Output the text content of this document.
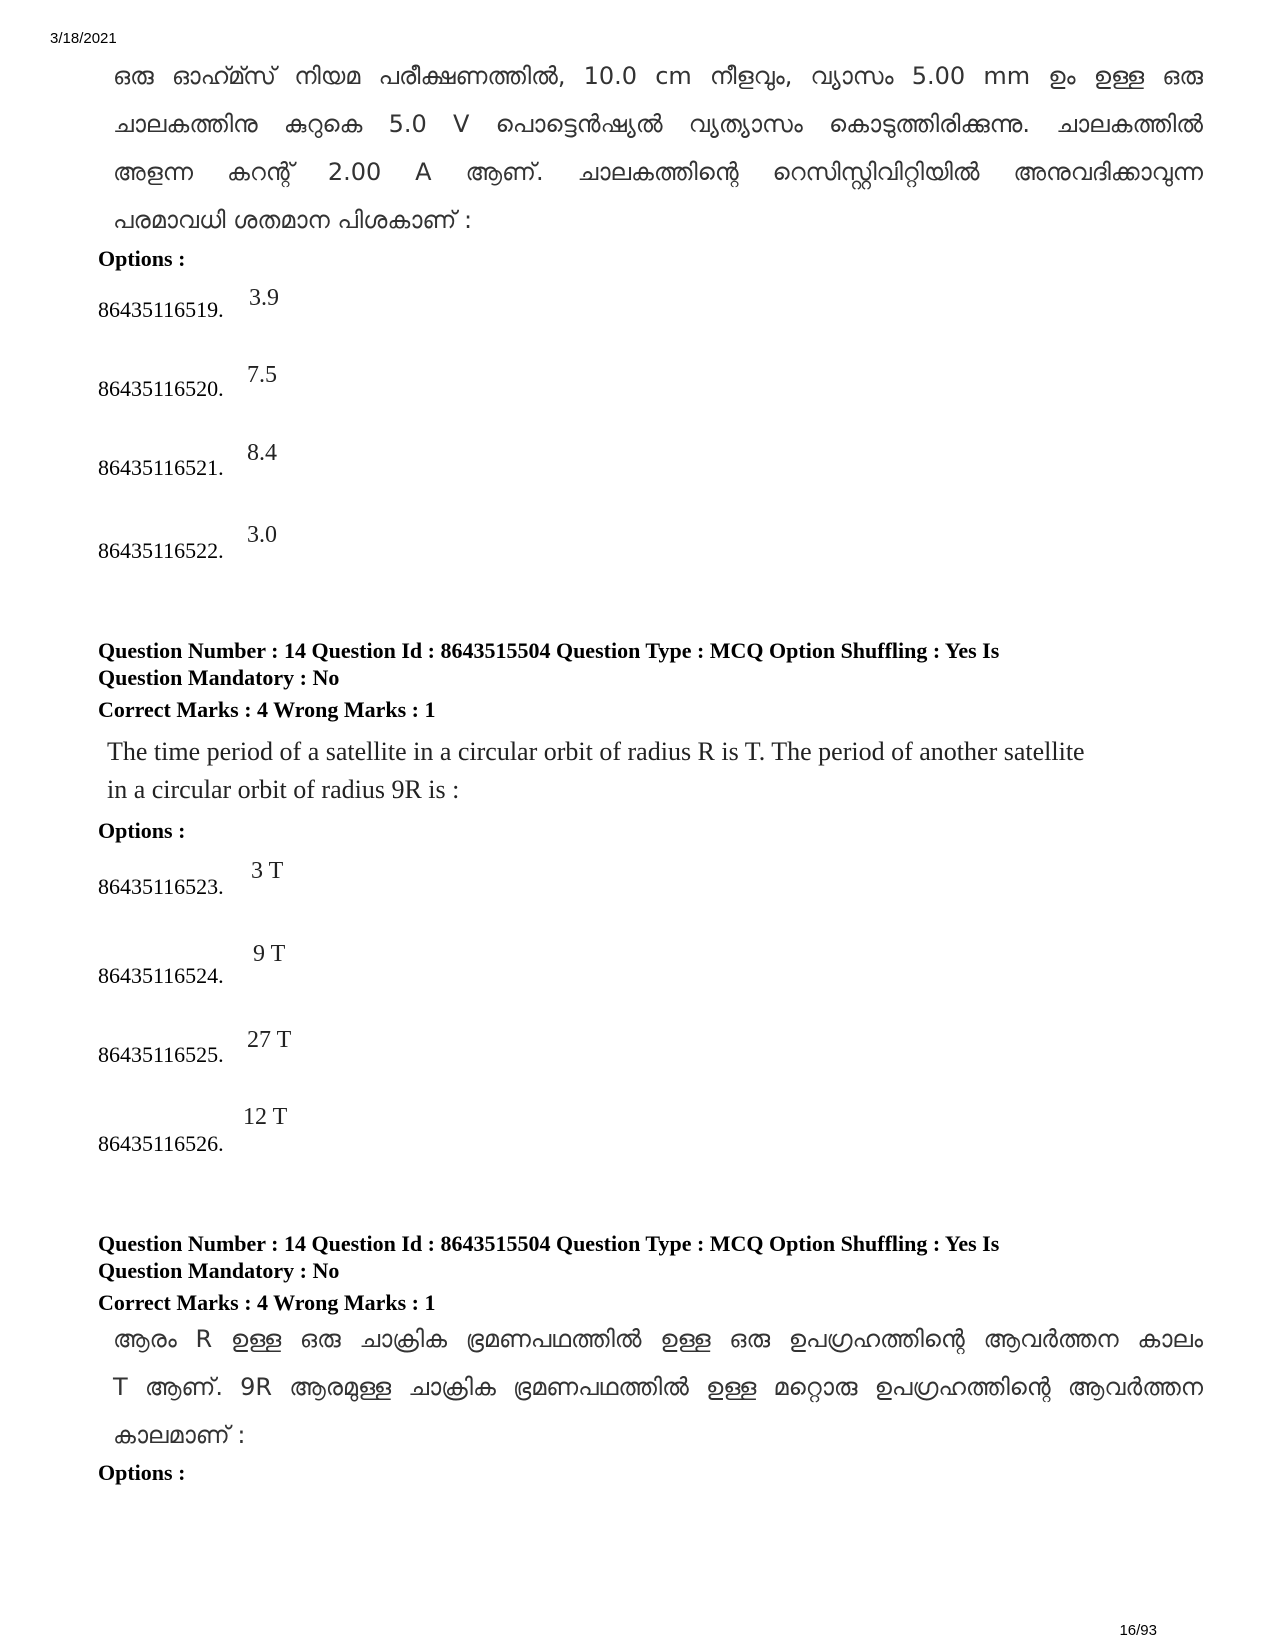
3/18/2021
16/93
ഒരു ഓഹ്മ്സ് നിയമ പരീക്ഷണത്തിൽ, 10.0 cm നീളവും, വ്യാസം 5.00 mm ഉം ഉള്ള ഒരു
ചാലകത്തിനു കുറുകെ 5.0 V പൊട്ടെൻഷ്യൽ വ്യത്യാസം കൊടുത്തിരിക്കുന്നു. ചാലകത്തിൽ
അളന്ന കറന്റ് 2.00 A ആണ്. ചാലകത്തിന്റെ റെസിസ്റ്റിവിറ്റിയിൽ അനുവദിക്കാവുന്ന
പരമാവധി ശതമാന പിശകാണ് :
Options :
86435116519. 3.9
86435116520.
7.5
86435116521.
8.4
86435116522.
3.0
Question Number : 14 Question Id : 8643515504 Question Type : MCQ Option Shuffling : Yes Is
Question Mandatory : No
Correct Marks : 4 Wrong Marks : 1
The time period of a satellite in a circular orbit of radius R is T. The period of another satellite
in a circular orbit of radius 9R is :
Options :
86435116523.
3 T
86435116524.
9 T
86435116525.
27 T
86435116526.
12 T
Question Number : 14 Question Id : 8643515504 Question Type : MCQ Option Shuffling : Yes Is
Question Mandatory : No
Correct Marks : 4 Wrong Marks : 1
ആരം R ഉള്ള ഒരു ചാക്രിക ഭ്രമണപഥത്തിൽ ഉള്ള ഒരു ഉപഗ്രഹത്തിന്റെ ആവർത്തന കാലം
T ആണ്. 9R ആരമുള്ള ചാക്രിക ഭ്രമണപഥത്തിൽ ഉള്ള മറ്റൊരു ഉപഗ്രഹത്തിന്റെ ആവർത്തന
കാലമാണ് :
Options :
